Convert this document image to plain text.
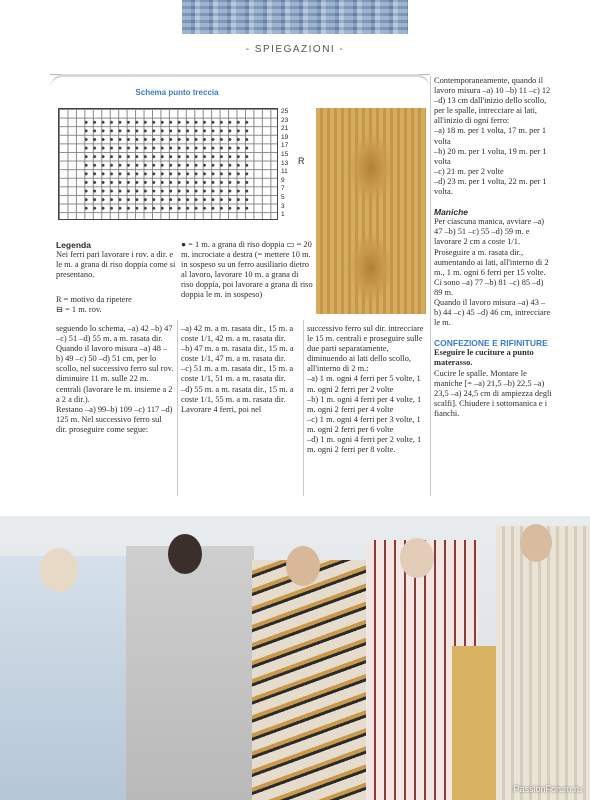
- SPIEGAZIONI -
Schema punto treccia
25
23
21
19
17
15
13
11
9
7
5
3
1
R

Legenda

Nei ferri pari lavorare i rov. a dir. e le m. a grana di riso doppia come si presentano.

● = 1 m. a grana di riso doppia ▭ = 20 m. incrociate a destra (= mettere 10 m. in sospeso su un ferro ausiliario dietro al lavoro, lavorare 10 m. a grana di riso doppia, poi lavorare a grana di riso doppia le m. in sospeso)

R = motivo da ripetere

⊟ = 1 m. rov.

seguendo lo schema, –a) 42 –b) 47 –c) 51 –d) 55 m. a m. rasata dir.

Quando il lavoro misura –a) 48 –b) 49 –c) 50 –d) 51 cm, per lo scollo, nel successivo ferro sul rov. diminuire 11 m. sulle 22 m. centrali (lavorare le m. insieme a 2 a 2 a dir.).

Restano –a) 99–b) 109 –c) 117 –d) 125 m. Nel successivo ferro sul dir. proseguire come segue:

–a) 42 m. a m. rasata dir., 15 m. a coste 1/1, 42 m. a m. rasata dir.

–b) 47 m. a m. rasata dir., 15 m. a coste 1/1, 47 m. a m. rasata dir.

–c) 51 m. a m. rasata dir., 15 m. a coste 1/1, 51 m. a m. rasata dir.

–d) 55 m. a m. rasata dir., 15 m. a coste 1/1, 55 m. a m. rasata dir.

Lavorare 4 ferri, poi nel

successivo ferro sul dir. intrecciare le 15 m. centrali e proseguire sulle due parti separatamente, diminuendo ai lati dello scollo, all'interno di 2 m.:

–a) 1 m. ogni 4 ferri per 5 volte, 1 m. ogni 2 ferri per 2 volte

–b) 1 m. ogni 4 ferri per 4 volte, 1 m. ogni 2 ferri per 4 volte

–c) 1 m. ogni 4 ferri per 3 volte, 1 m. ogni 2 ferri per 6 volte

–d) 1 m. ogni 4 ferri per 2 volte, 1 m. ogni 2 ferri per 8 volte.

Contemporaneamente, quando il lavoro misura –a) 10 –b) 11 –c) 12 –d) 13 cm dall'inizio dello scollo, per le spalle, intrecciare ai lati, all'inizio di ogni ferro:

–a) 18 m. per 1 volta, 17 m. per 1 volta

–b) 20 m. per 1 volta, 19 m. per 1 volta

–c) 21 m. per 2 volte

–d) 23 m. per 1 volta, 22 m. per 1 volta.

Maniche

Per ciascuna manica, avviare –a) 47 –b) 51 –c) 55 –d) 59 m. e lavorare 2 cm a coste 1/1. Proseguire a m. rasata dir., aumentando ai lati, all'interno di 2 m., 1 m. ogni 6 ferri per 15 volte.

Ci sono –a) 77 –b) 81 –c) 85 –d) 89 m.

Quando il lavoro misura –a) 43 –b) 44 –c) 45 –d) 46 cm, intrecciare le m.

CONFEZIONE E RIFINITURE

Eseguire le cuciture a punto materasso.

Cucire le spalle. Montare le maniche [= –a) 21,5 –b) 22,5 –a) 23,5 –a) 24,5 cm di ampiezza degli scalfi]. Chiudere i sottomanica e i fianchi.

PassionForum.ru
